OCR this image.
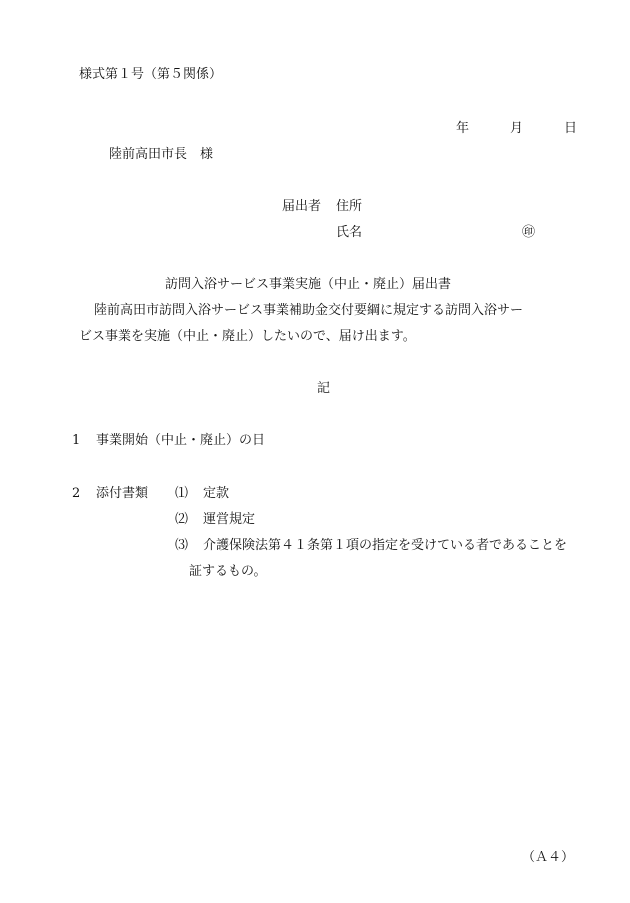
様式第１号（第５関係）
年	月	日
陸前高田市長　様
届出者 住所
氏名	㊞
訪問入浴サービス事業実施（中止・廃止）届出書
陸前高田市訪問入浴サービス事業補助金交付要綱に規定する訪問入浴サー
ビス事業を実施（中止・廃止）したいので、届け出ます。
記
1 事業開始（中止・廃止）の日
2 添付書類 ⑴ 定款
⑵ 運営規定
⑶ 介護保険法第４１条第１項の指定を受けている者であることを
証するもの。
（Ａ４）
